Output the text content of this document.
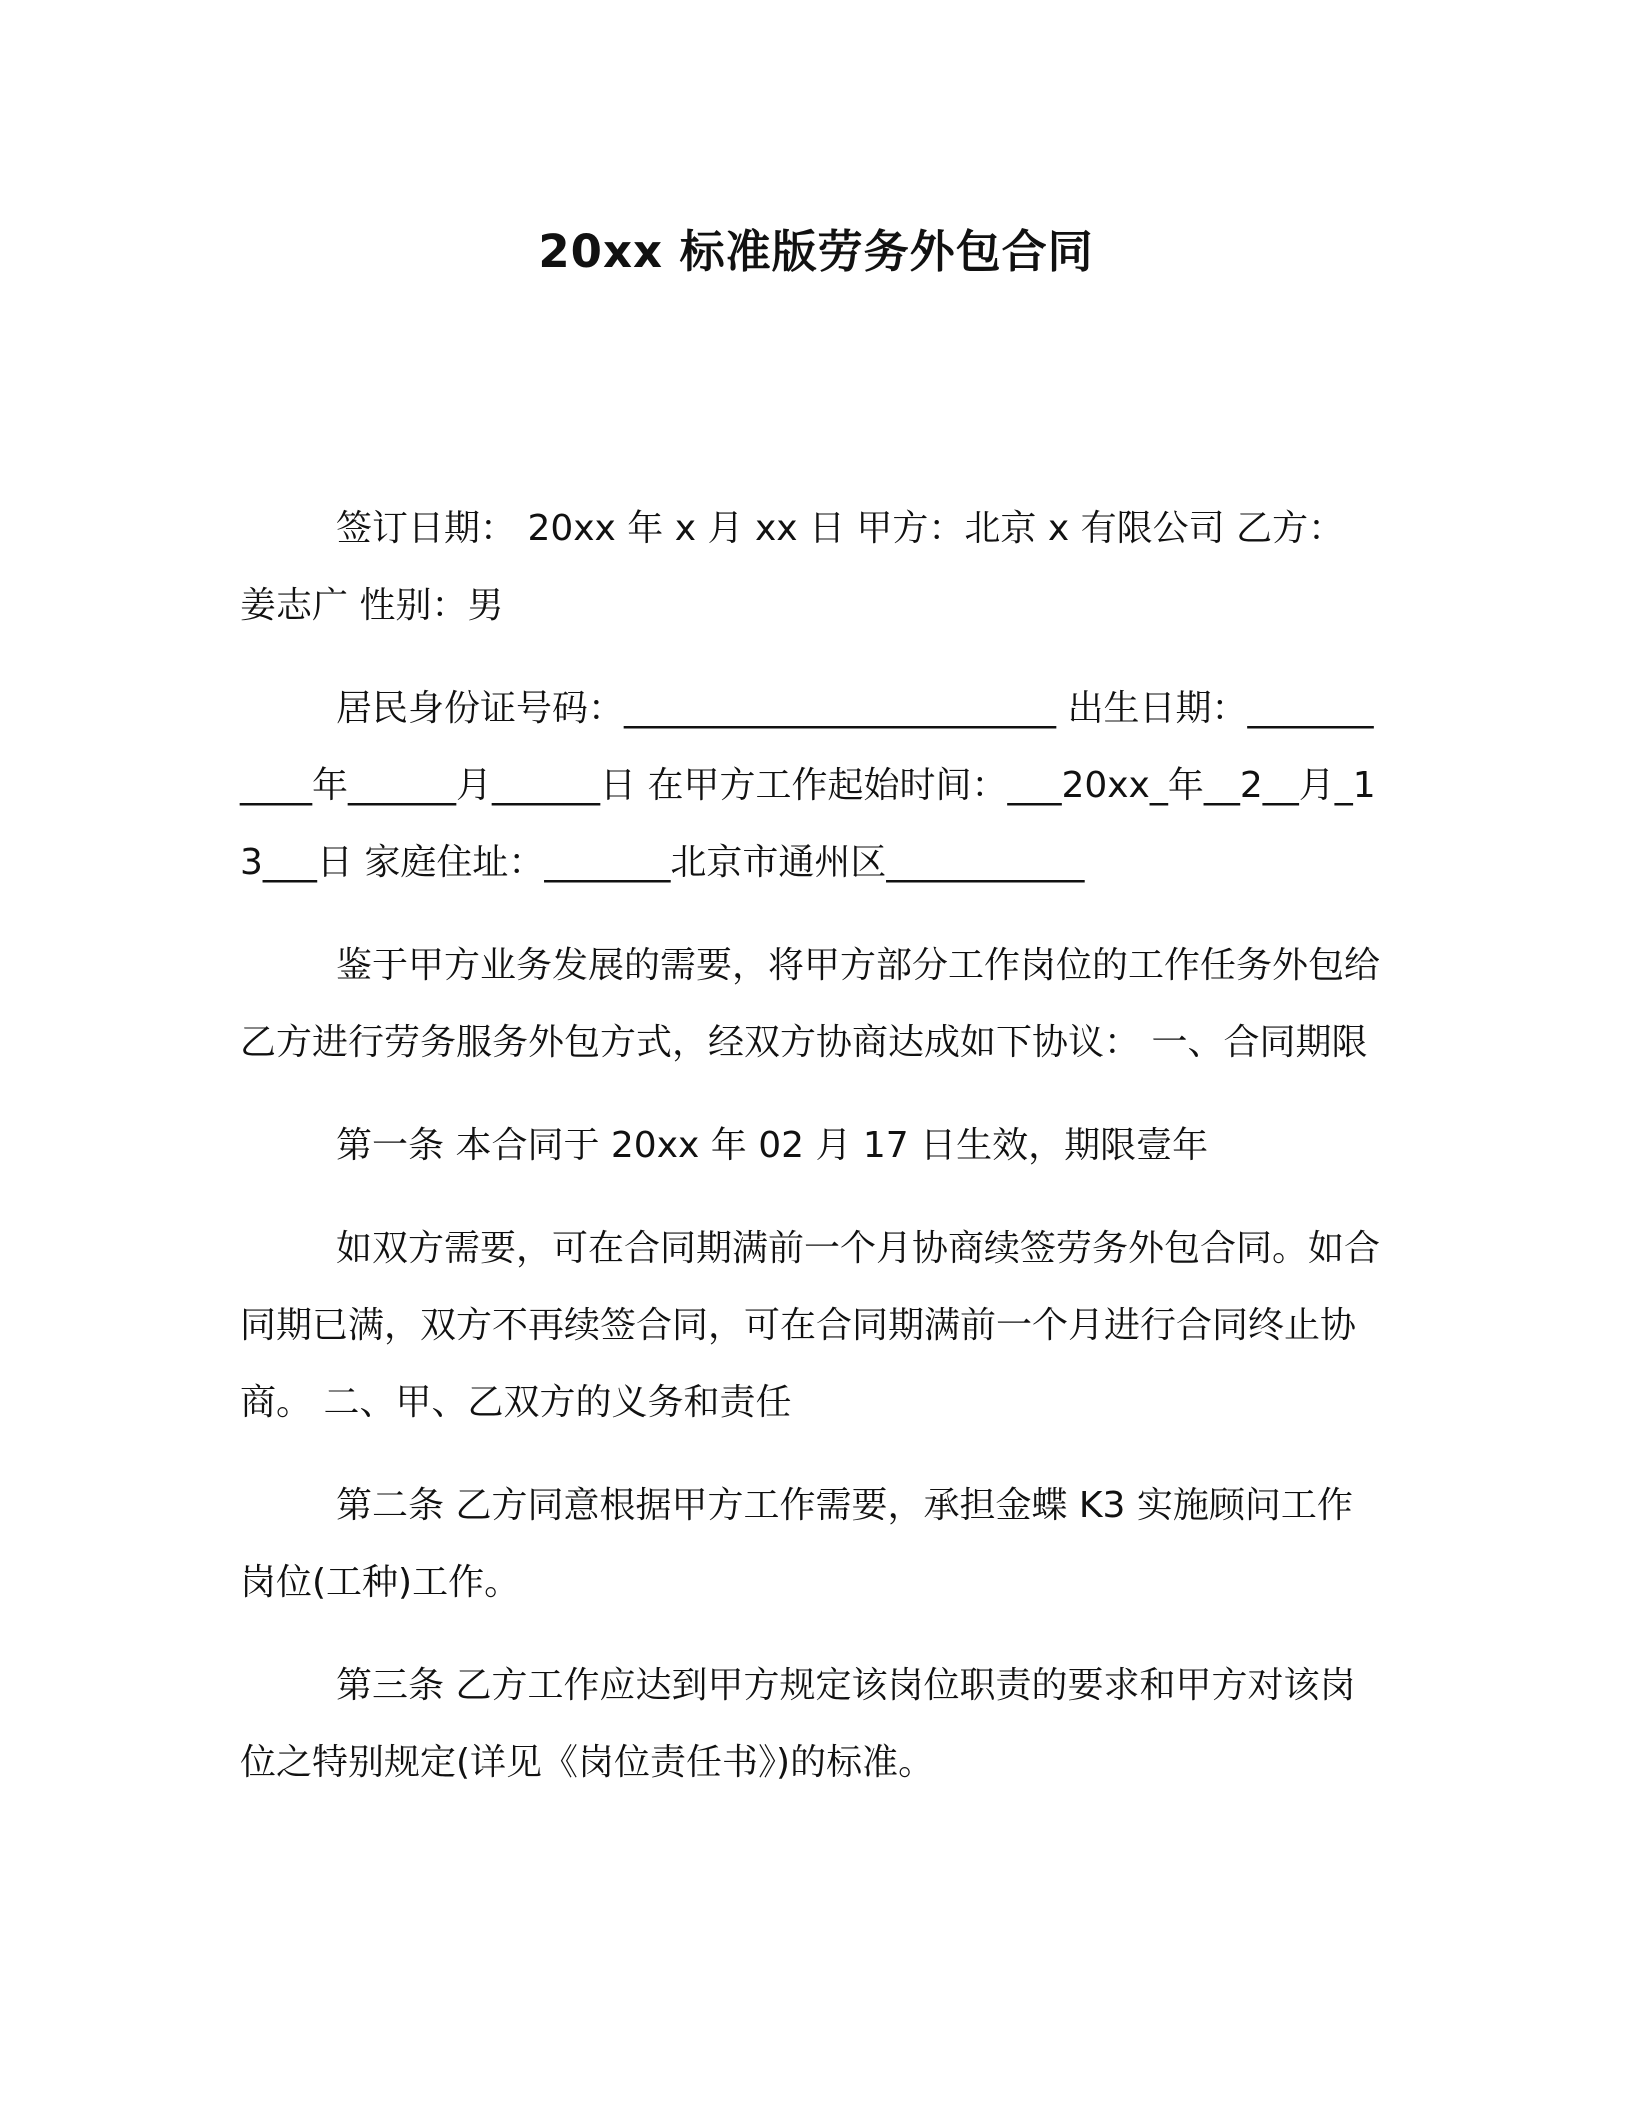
20xx 标准版劳务外包合同

签订日期： 20xx 年 x 月 xx 日 甲方：北京 x 有限公司 乙方：姜志广 性别：男

居民身份证号码：________________________ 出生日期：___________年______月______日 在甲方工作起始时间：___20xx_年__2__月_13___日 家庭住址：_______北京市通州区___________

鉴于甲方业务发展的需要，将甲方部分工作岗位的工作任务外包给乙方进行劳务服务外包方式，经双方协商达成如下协议： 一、合同期限

第一条 本合同于 20xx 年 02 月 17 日生效，期限壹年

如双方需要，可在合同期满前一个月协商续签劳务外包合同。如合同期已满，双方不再续签合同，可在合同期满前一个月进行合同终止协商。 二、甲、乙双方的义务和责任

第二条 乙方同意根据甲方工作需要，承担金蝶 K3 实施顾问工作岗位(工种)工作。

第三条 乙方工作应达到甲方规定该岗位职责的要求和甲方对该岗位之特别规定(详见《岗位责任书》)的标准。
